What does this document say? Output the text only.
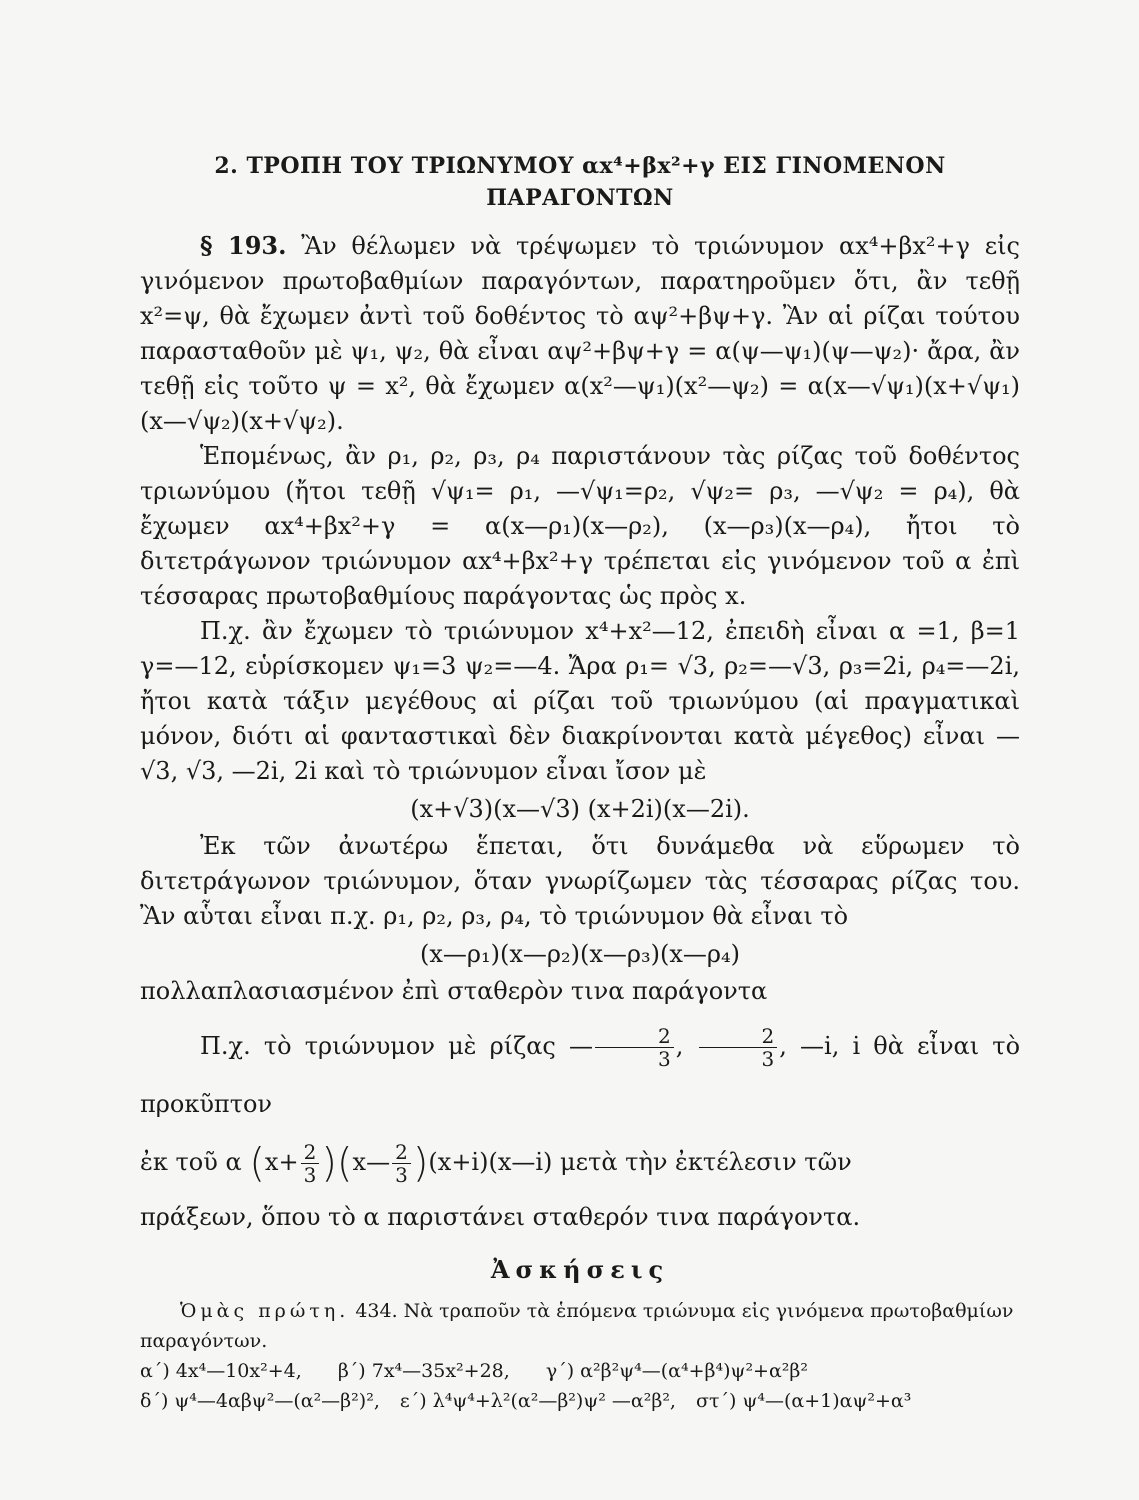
2. ΤΡΟΠΗ ΤΟΥ ΤΡΙΩΝΥΜΟΥ αx⁴+βx²+γ ΕΙΣ ΓΙΝΟΜΕΝΟΝ

ΠΑΡΑΓΟΝΤΩΝ

§ 193. Ἂν θέλωμεν νὰ τρέψωμεν τὸ τριώνυμον αx⁴+βx²+γ εἰς γινόμενον πρωτοβαθμίων παραγόντων, παρατηροῦμεν ὅτι, ἂν τεθῇ x²=ψ, θὰ ἔχωμεν ἀντὶ τοῦ δοθέντος τὸ αψ²+βψ+γ. Ἂν αἱ ρίζαι τούτου παρασταθοῦν μὲ ψ₁, ψ₂, θὰ εἶναι αψ²+βψ+γ = α(ψ—ψ₁)(ψ—ψ₂)· ἄρα, ἂν τεθῇ εἰς τοῦτο ψ = x², θὰ ἔχωμεν α(x²—ψ₁)(x²—ψ₂) = α(x—√ψ₁)(x+√ψ₁)(x—√ψ₂)(x+√ψ₂).

Ἑπομένως, ἂν ρ₁, ρ₂, ρ₃, ρ₄ παριστάνουν τὰς ρίζας τοῦ δοθέντος τριωνύμου (ἤτοι τεθῇ √ψ₁= ρ₁, —√ψ₁=ρ₂, √ψ₂= ρ₃, —√ψ₂ = ρ₄), θὰ ἔχωμεν αx⁴+βx²+γ = α(x—ρ₁)(x—ρ₂), (x—ρ₃)(x—ρ₄), ἤτοι τὸ διτετράγωνον τριώνυμον αx⁴+βx²+γ τρέπεται εἰς γινόμενον τοῦ α ἐπὶ τέσσαρας πρωτοβαθμίους παράγοντας ὡς πρὸς x.

Π.χ. ἂν ἔχωμεν τὸ τριώνυμον x⁴+x²—12, ἐπειδὴ εἶναι α =1, β=1 γ=—12, εὑρίσκομεν ψ₁=3 ψ₂=—4. Ἄρα ρ₁= √3, ρ₂=—√3, ρ₃=2i, ρ₄=—2i, ἤτοι κατὰ τάξιν μεγέθους αἱ ρίζαι τοῦ τριωνύμου (αἱ πραγματικαὶ μόνον, διότι αἱ φανταστικαὶ δὲν διακρίνονται κατὰ μέγεθος) εἶναι —√3, √3, —2i, 2i καὶ τὸ τριώνυμον εἶναι ἴσον μὲ

(x+√3)(x—√3) (x+2i)(x—2i).

Ἐκ τῶν ἀνωτέρω ἕπεται, ὅτι δυνάμεθα νὰ εὕρωμεν τὸ διτετράγωνον τριώνυμον, ὅταν γνωρίζωμεν τὰς τέσσαρας ρίζας του. Ἂν αὗται εἶναι π.χ. ρ₁, ρ₂, ρ₃, ρ₄, τὸ τριώνυμον θὰ εἶναι τὸ

(x—ρ₁)(x—ρ₂)(x—ρ₃)(x—ρ₄)

πολλαπλασιασμένον ἐπὶ σταθερὸν τινα παράγοντα

Π.χ. τὸ τριώνυμον μὲ ρίζας — $\frac{2}{3}$ , $\frac{2}{3}$ , —i, i θὰ εἶναι τὸ προκῦπτον

ἐκ τοῦ α ($x+ \frac{2}{3}$ )(x— $\frac{2}{3}$ )(x+i)(x—i) μετὰ τὴν ἐκτέλεσιν τῶν

πράξεων, ὅπου τὸ α παριστάνει σταθερόν τινα παράγοντα.

Ἀσκήσεις

Ὁμὰς πρώτη. 434. Νὰ τραποῦν τὰ ἑπόμενα τριώνυμα εἰς γινόμενα πρωτοβαθμίων παραγόντων.

α΄) 4x⁴—10x²+4, β΄) 7x⁴—35x²+28, γ΄) α²β²ψ⁴—(α⁴+β⁴)ψ²+α²β²

δ΄) ψ⁴—4αβψ²—(α²—β²)², ε΄) λ⁴ψ⁴+λ²(α²—β²)ψ² —α²β², στ΄) ψ⁴—(α+1)αψ²+α³
